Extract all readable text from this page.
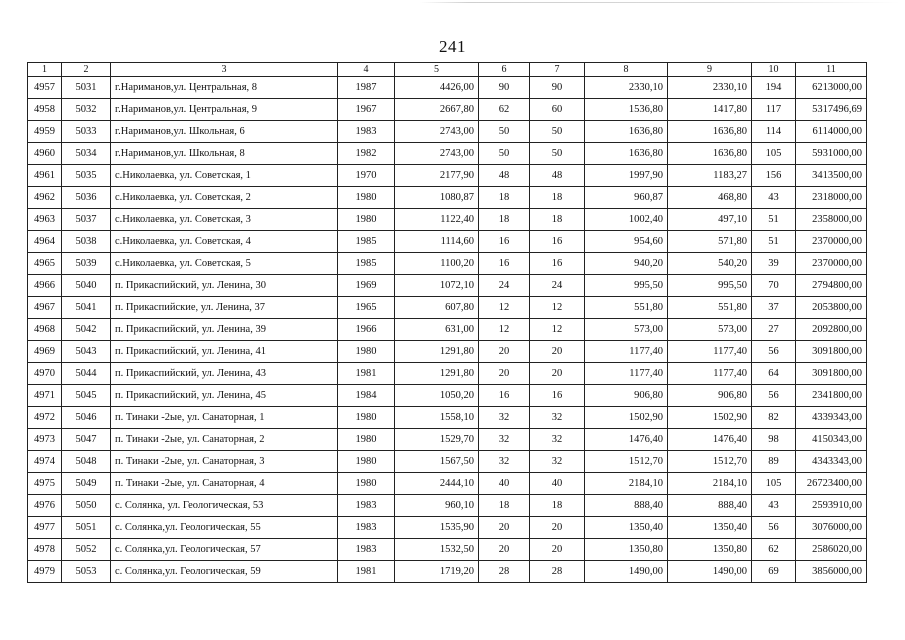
241
1	2	3	4	5	6	7	8	9	10	11
4957	5031	г.Нариманов,ул. Центральная, 8	1987	4426,00	90	90	2330,10	2330,10	194	6213000,00
4958	5032	г.Нариманов,ул. Центральная, 9	1967	2667,80	62	60	1536,80	1417,80	117	5317496,69
4959	5033	г.Нариманов,ул. Школьная, 6	1983	2743,00	50	50	1636,80	1636,80	114	6114000,00
4960	5034	г.Нариманов,ул. Школьная, 8	1982	2743,00	50	50	1636,80	1636,80	105	5931000,00
4961	5035	с.Николаевка, ул. Советская, 1	1970	2177,90	48	48	1997,90	1183,27	156	3413500,00
4962	5036	с.Николаевка, ул. Советская, 2	1980	1080,87	18	18	960,87	468,80	43	2318000,00
4963	5037	с.Николаевка, ул. Советская, 3	1980	1122,40	18	18	1002,40	497,10	51	2358000,00
4964	5038	с.Николаевка, ул. Советская, 4	1985	1114,60	16	16	954,60	571,80	51	2370000,00
4965	5039	с.Николаевка, ул. Советская, 5	1985	1100,20	16	16	940,20	540,20	39	2370000,00
4966	5040	п. Прикаспийский, ул. Ленина, 30	1969	1072,10	24	24	995,50	995,50	70	2794800,00
4967	5041	п. Прикаспийские, ул. Ленина, 37	1965	607,80	12	12	551,80	551,80	37	2053800,00
4968	5042	п. Прикаспийский, ул. Ленина, 39	1966	631,00	12	12	573,00	573,00	27	2092800,00
4969	5043	п. Прикаспийский, ул. Ленина, 41	1980	1291,80	20	20	1177,40	1177,40	56	3091800,00
4970	5044	п. Прикаспийский, ул. Ленина, 43	1981	1291,80	20	20	1177,40	1177,40	64	3091800,00
4971	5045	п. Прикаспийский, ул. Ленина, 45	1984	1050,20	16	16	906,80	906,80	56	2341800,00
4972	5046	п. Тинаки -2ые, ул. Санаторная, 1	1980	1558,10	32	32	1502,90	1502,90	82	4339343,00
4973	5047	п. Тинаки -2ые, ул. Санаторная, 2	1980	1529,70	32	32	1476,40	1476,40	98	4150343,00
4974	5048	п. Тинаки -2ые, ул. Санаторная, 3	1980	1567,50	32	32	1512,70	1512,70	89	4343343,00
4975	5049	п. Тинаки -2ые, ул. Санаторная, 4	1980	2444,10	40	40	2184,10	2184,10	105	26723400,00
4976	5050	с. Солянка, ул. Геологическая, 53	1983	960,10	18	18	888,40	888,40	43	2593910,00
4977	5051	с. Солянка,ул. Геологическая, 55	1983	1535,90	20	20	1350,40	1350,40	56	3076000,00
4978	5052	с. Солянка,ул. Геологическая, 57	1983	1532,50	20	20	1350,80	1350,80	62	2586020,00
4979	5053	с. Солянка,ул. Геологическая, 59	1981	1719,20	28	28	1490,00	1490,00	69	3856000,00
